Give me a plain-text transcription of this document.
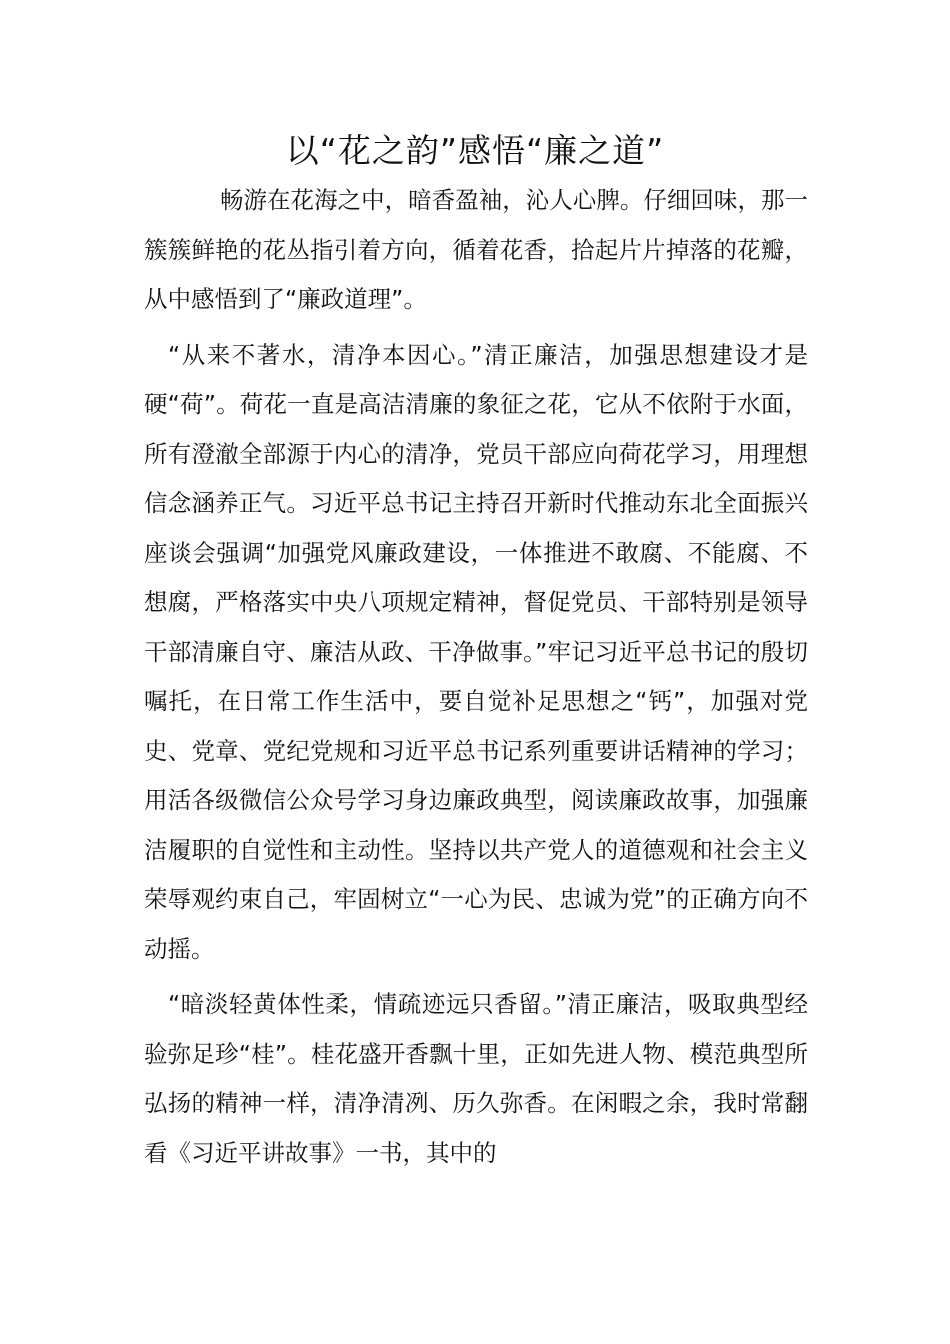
以“花之韵”感悟“廉之道”

畅游在花海之中，暗香盈袖，沁人心脾。仔细回味，那一簇簇鲜艳的花丛指引着方向，循着花香，拾起片片掉落的花瓣，从中感悟到了“廉政道理”。

“从来不著水，清净本因心。”清正廉洁，加强思想建设才是硬“荷”。荷花一直是高洁清廉的象征之花，它从不依附于水面，所有澄澈全部源于内心的清净，党员干部应向荷花学习，用理想信念涵养正气。习近平总书记主持召开新时代推动东北全面振兴座谈会强调“加强党风廉政建设，一体推进不敢腐、不能腐、不想腐，严格落实中央八项规定精神，督促党员、干部特别是领导干部清廉自守、廉洁从政、干净做事。”牢记习近平总书记的殷切嘱托，在日常工作生活中，要自觉补足思想之“钙”，加强对党史、党章、党纪党规和习近平总书记系列重要讲话精神的学习；用活各级微信公众号学习身边廉政典型，阅读廉政故事，加强廉洁履职的自觉性和主动性。坚持以共产党人的道德观和社会主义荣辱观约束自己，牢固树立“一心为民、忠诚为党”的正确方向不动摇。

“暗淡轻黄体性柔，情疏迹远只香留。”清正廉洁，吸取典型经验弥足珍“桂”。桂花盛开香飘十里，正如先进人物、模范典型所弘扬的精神一样，清净清冽、历久弥香。在闲暇之余，我时常翻看《习近平讲故事》一书，其中的
